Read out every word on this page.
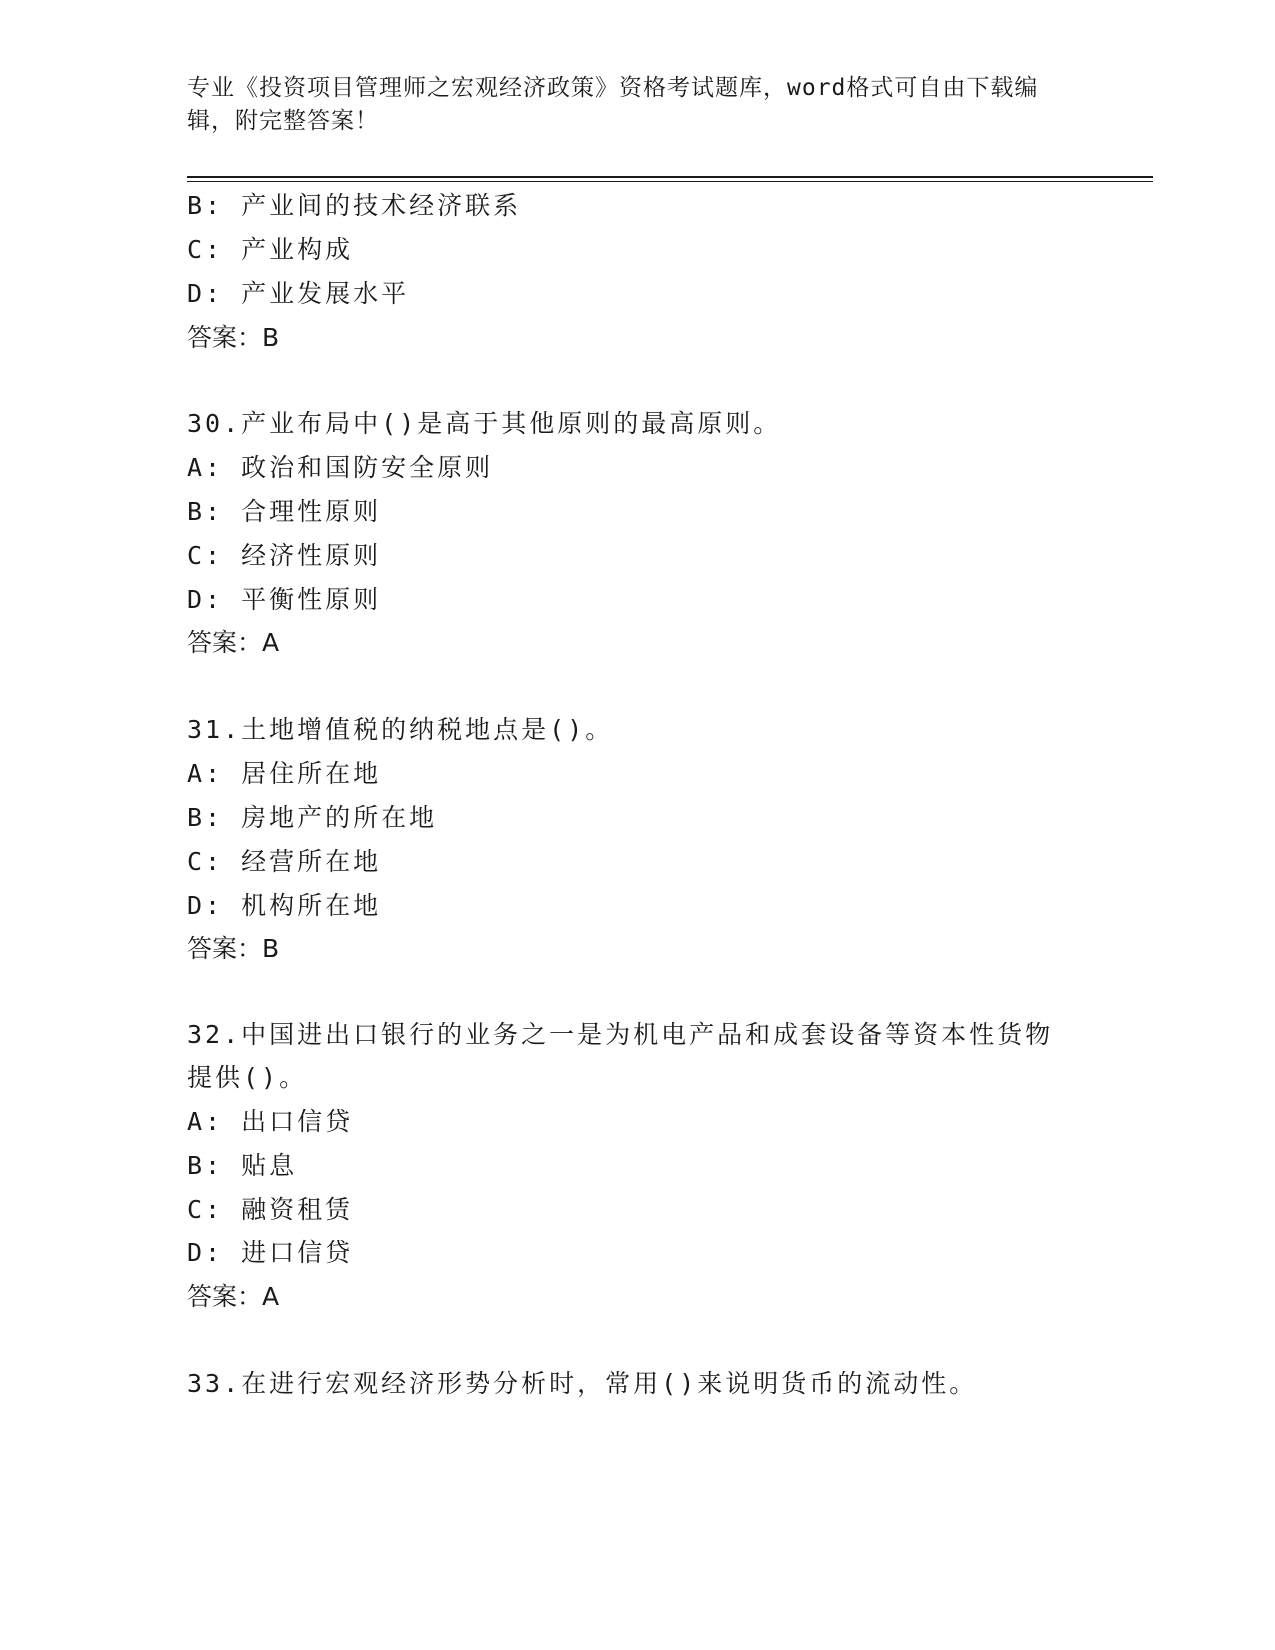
专业《投资项目管理师之宏观经济政策》资格考试题库，word格式可自由下载编辑，附完整答案！
B: 产业间的技术经济联系
C: 产业构成
D: 产业发展水平
答案：B
30.产业布局中()是高于其他原则的最高原则。
A: 政治和国防安全原则
B: 合理性原则
C: 经济性原则
D: 平衡性原则
答案：A
31.土地增值税的纳税地点是()。
A: 居住所在地
B: 房地产的所在地
C: 经营所在地
D: 机构所在地
答案：B
32.中国进出口银行的业务之一是为机电产品和成套设备等资本性货物
提供()。
A: 出口信贷
B: 贴息
C: 融资租赁
D: 进口信贷
答案：A
33.在进行宏观经济形势分析时，常用()来说明货币的流动性。
